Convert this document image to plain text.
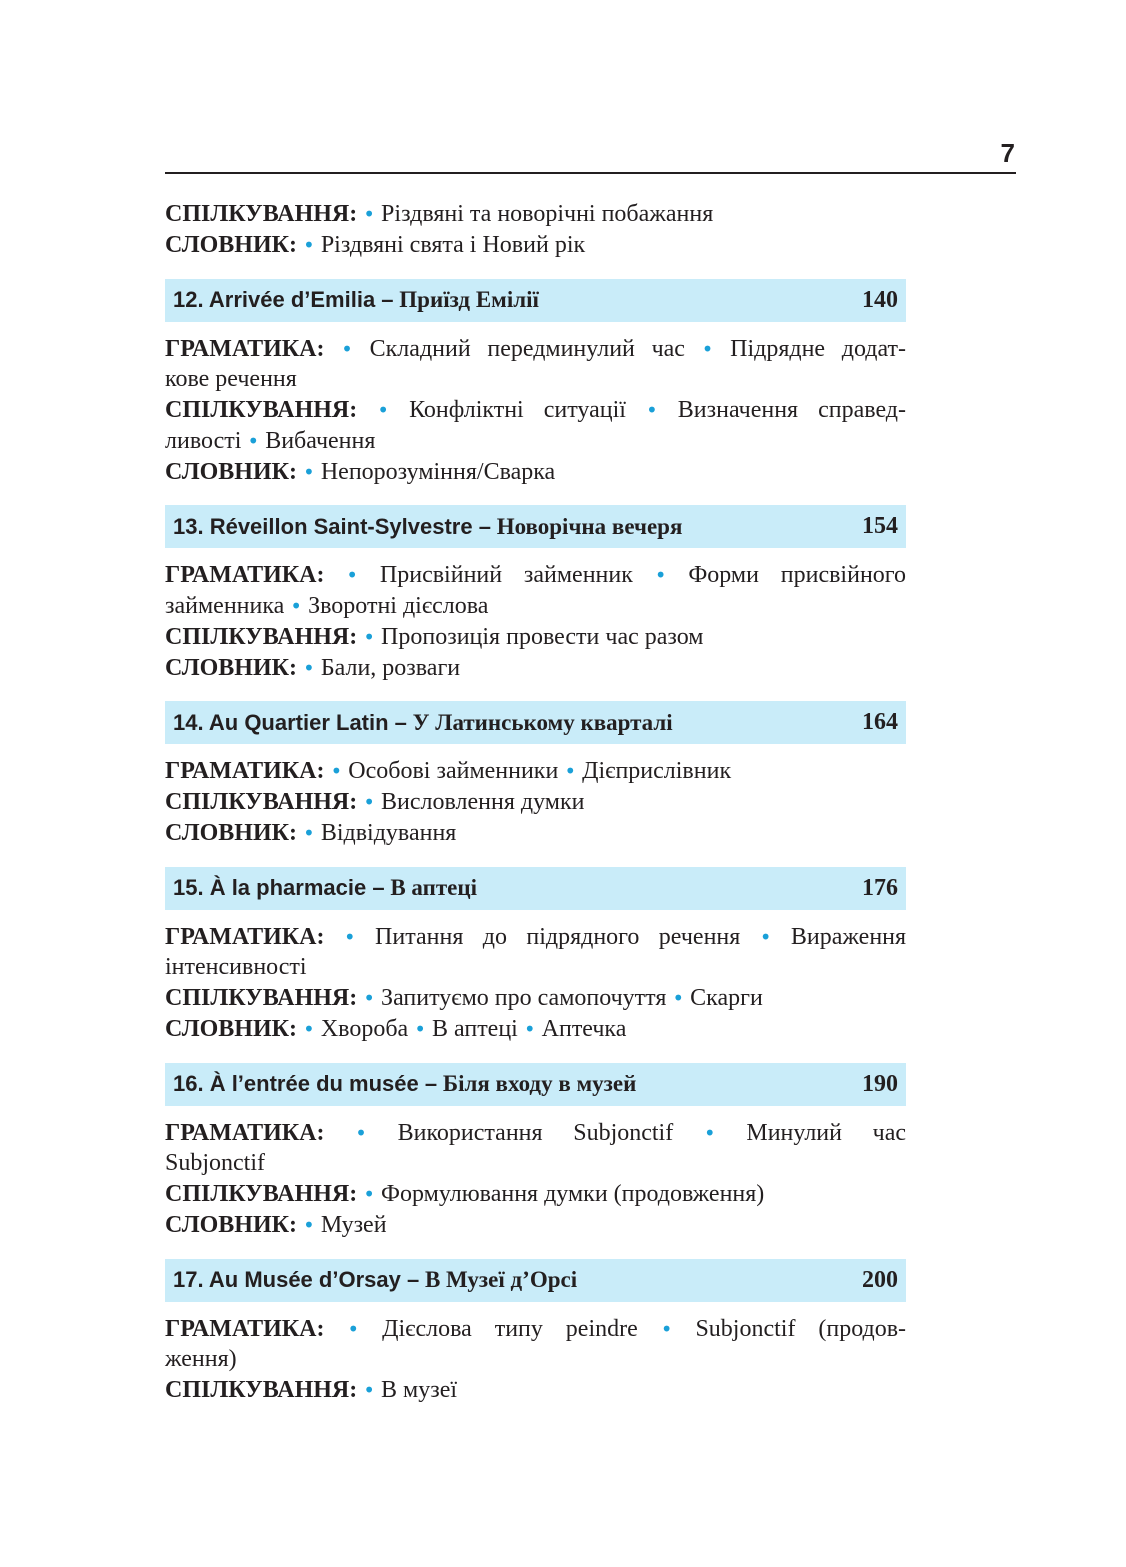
7

СПІЛКУВАННЯ: • Різдвяні та новорічні побажання

СЛОВНИК: • Різдвяні свята і Новий рік

12. Arrivée d’Emilia – Приїзд Емілії	140

ГРАМАТИКА: • Складний передминулий час • Підрядне додат-

кове речення

СПІЛКУВАННЯ: • Конфліктні ситуації • Визначення справед-

ливості • Вибачення

СЛОВНИК: • Непорозуміння/Сварка

13. Réveillon Saint-Sylvestre – Новорічна вечеря	154

ГРАМАТИКА: • Присвійний займенник • Форми присвійного

займенника • Зворотні дієслова

СПІЛКУВАННЯ: • Пропозиція провести час разом

СЛОВНИК: • Бали, розваги

14. Au Quartier Latin – У Латинському кварталі	164

ГРАМАТИКА: • Особові займенники • Дієприслівник

СПІЛКУВАННЯ: • Висловлення думки

СЛОВНИК: • Відвідування

15. À la pharmacie – В аптеці	176

ГРАМАТИКА: • Питання до підрядного речення • Вираження

інтенсивності

СПІЛКУВАННЯ: • Запитуємо про самопочуття • Скарги

СЛОВНИК: • Хвороба • В аптеці • Аптечка

16. À l’entrée du musée – Біля входу в музей	190

ГРАМАТИКА: • Використання Subjonctif • Минулий час

Subjonctif

СПІЛКУВАННЯ: • Формулювання думки (продовження)

СЛОВНИК: • Музей

17. Au Musée d’Orsay – В Музеї д’Орсі	200

ГРАМАТИКА: • Дієслова типу peindre • Subjonctif (продов-

ження)

СПІЛКУВАННЯ: • В музеї
